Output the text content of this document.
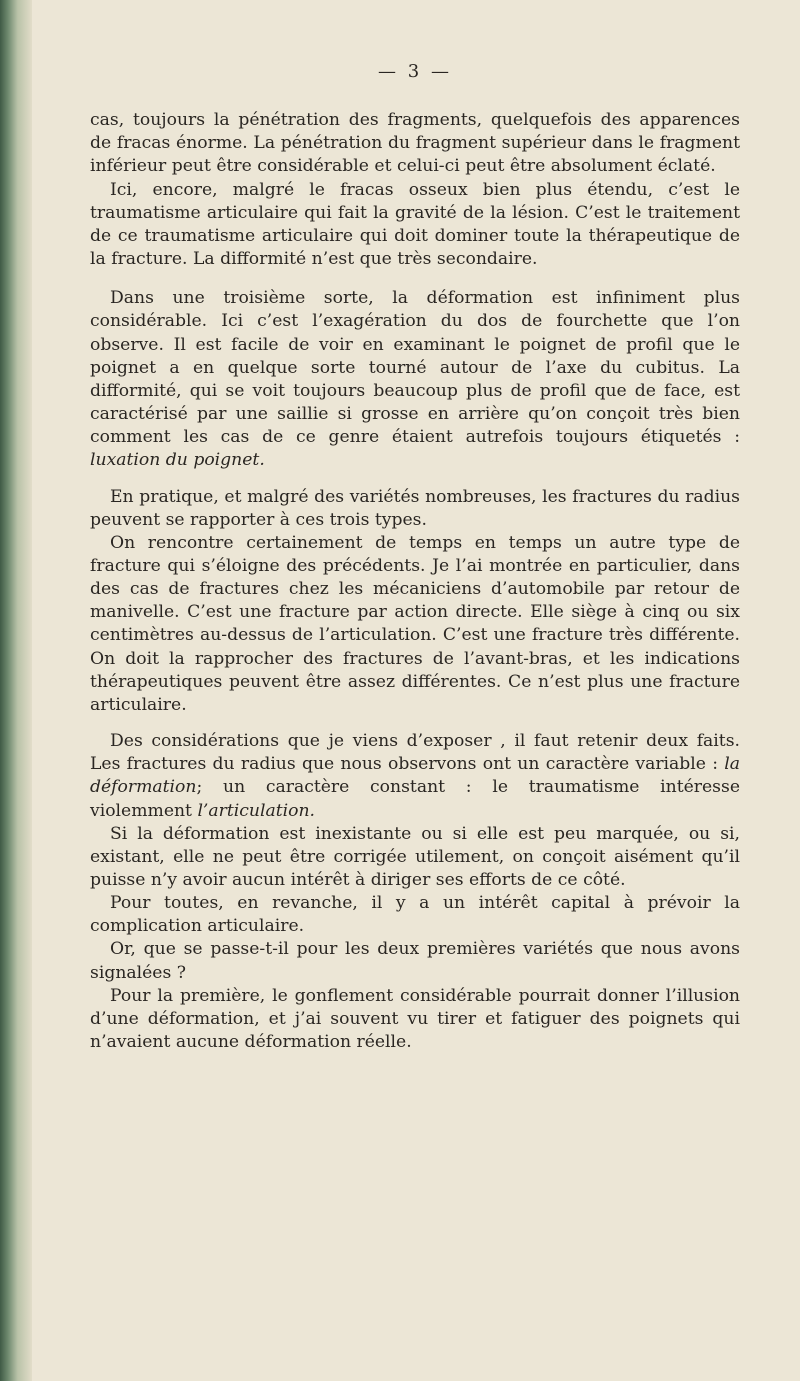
— 3 —

cas, toujours la pénétration des fragments, quelquefois des apparences de fracas énorme. La pénétration du fragment supérieur dans le fragment inférieur peut être considérable et celui-ci peut être absolument éclaté.

Ici, encore, malgré le fracas osseux bien plus étendu, c’est le traumatisme articulaire qui fait la gravité de la lésion. C’est le traitement de ce traumatisme articulaire qui doit dominer toute la thérapeutique de la fracture. La difformité n’est que très secondaire.

Dans une troisième sorte, la déformation est infiniment plus considérable. Ici c’est l’exagération du dos de fourchette que l’on observe. Il est facile de voir en examinant le poignet de profil que le poignet a en quelque sorte tourné autour de l’axe du cubitus. La difformité, qui se voit toujours beaucoup plus de profil que de face, est caractérisé par une saillie si grosse en arrière qu’on conçoit très bien comment les cas de ce genre étaient autrefois toujours étiquetés : luxation du poignet.

En pratique, et malgré des variétés nombreuses, les fractures du radius peuvent se rapporter à ces trois types.

On rencontre certainement de temps en temps un autre type de fracture qui s’éloigne des précédents. Je l’ai montrée en particulier, dans des cas de fractures chez les mécaniciens d’automobile par retour de manivelle. C’est une fracture par action directe. Elle siège à cinq ou six centimètres au-dessus de l’articulation. C’est une fracture très différente. On doit la rapprocher des fractures de l’avant-bras, et les indications thérapeutiques peuvent être assez différentes. Ce n’est plus une fracture articulaire.

Des considérations que je viens d’exposer , il faut retenir deux faits. Les fractures du radius que nous observons ont un caractère variable : la déformation; un caractère constant : le traumatisme intéresse violemment l’articulation.

Si la déformation est inexistante ou si elle est peu marquée, ou si, existant, elle ne peut être corrigée utilement, on conçoit aisément qu’il puisse n’y avoir aucun intérêt à diriger ses efforts de ce côté.

Pour toutes, en revanche, il y a un intérêt capital à prévoir la complication articulaire.

Or, que se passe-t-il pour les deux premières variétés que nous avons signalées ?

Pour la première, le gonflement considérable pourrait donner l’illusion d’une déformation, et j’ai souvent vu tirer et fatiguer des poignets qui n’avaient aucune déformation réelle.
